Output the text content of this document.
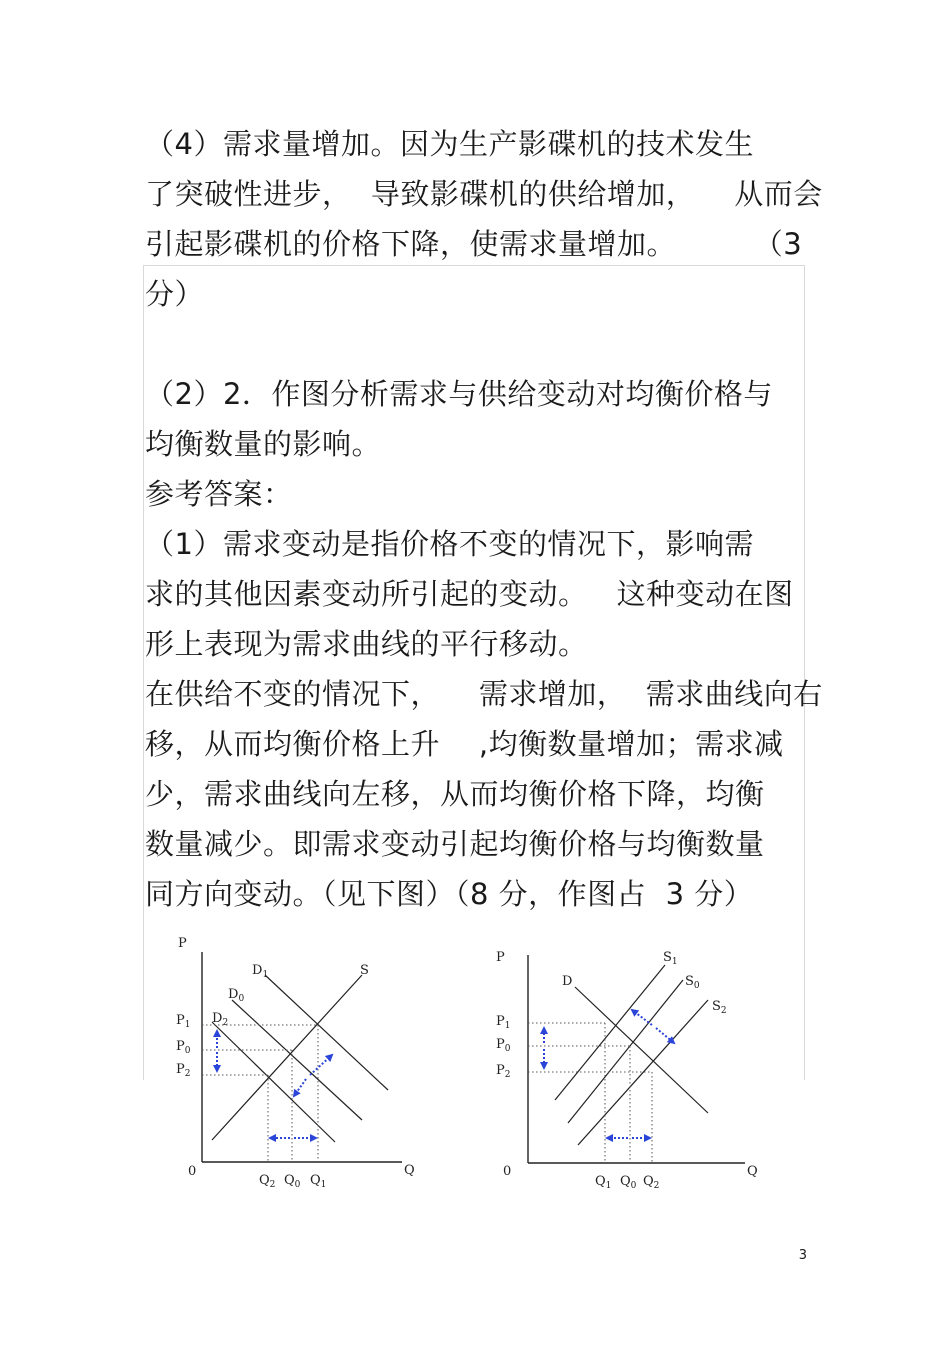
（4）需求量增加。因为生产影碟机的技术发生
了突破性进步，  导致影碟机的供给增加，    从而会
引起影碟机的价格下降，使需求量增加。        （3
分）
（2）2．作图分析需求与供给变动对均衡价格与
均衡数量的影响。
参考答案：
（1）需求变动是指价格不变的情况下，影响需
求的其他因素变动所引起的变动。   这种变动在图
形上表现为需求曲线的平行移动。
在供给不变的情况下，    需求增加，  需求曲线向右
移，从而均衡价格上升    ,均衡数量增加；需求减
少，需求曲线向左移，从而均衡价格下降，均衡
数量减少。即需求变动引起均衡价格与均衡数量
同方向变动。（见下图）（8 分，作图占  3 分）
P
Q
0
$D_1$
$D_0$
$D_2$
S
$P_1$
$P_0$
$P_2$
$Q_2$ $Q_0$ $Q_1$
P
Q
0
D
$S_1$
$S_0$
$S_2$
$P_1$
$P_0$
$P_2$
$Q_1$ $Q_0$ $Q_2$
3
